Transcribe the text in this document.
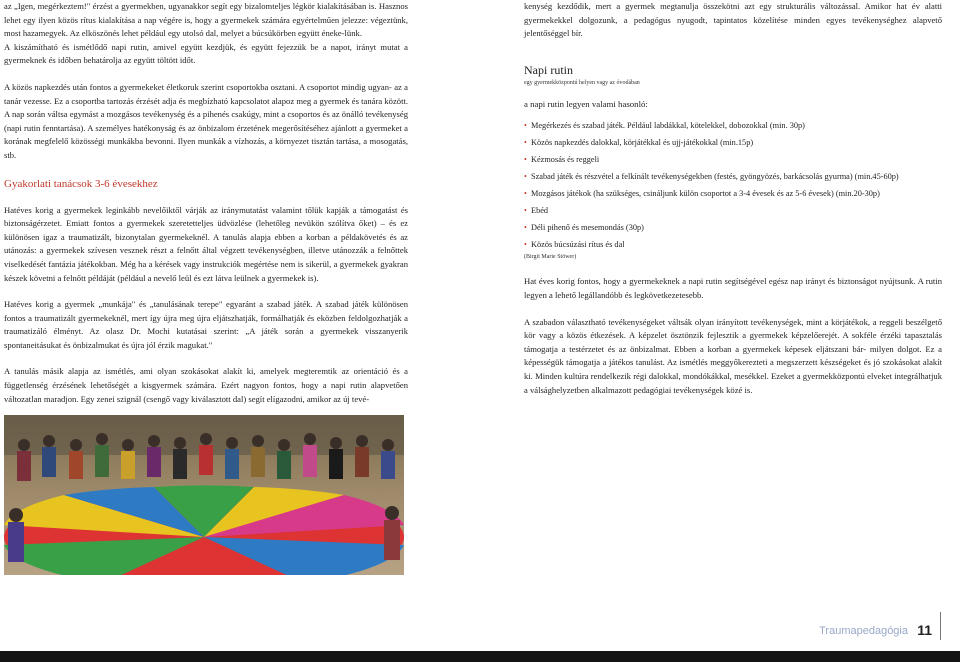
az „Igen, megérkeztem!" érzést a gyermekben, ugyanakkor segít egy bizalomteljes légkör kialakításában is. Hasznos lehet egy ilyen közös rítus kialakítása a nap végére is, hogy a gyermekek számára egyértelműen jelezze: végeztünk, most hazamegyek. Az elköszönés lehet például egy utolsó dal, melyet a búcsúkörben együtt éneke-lünk.

A kiszámítható és ismétlődő napi rutin, amivel együtt kezdjük, és együtt fejezzük be a napot, irányt mutat a gyermeknek és időben behatárolja az együtt töltött időt.

A közös napkezdés után fontos a gyermekeket életkoruk szerint csoportokba osztani. A csoportot mindig ugyan- az a tanár vezesse. Ez a csoportba tartozás érzését adja és megbízható kapcsolatot alapoz meg a gyermek és tanára között. A nap során váltsa egymást a mozgásos tevékenység és a pihenés csakúgy, mint a csoportos és az önálló tevékenység (napi rutin fenntartása). A személyes hatékonyság és az önbizalom érzetének megerősítéséhez ajánlott a gyermeket a korának megfelelő közösségi munkákba bevonni. Ilyen munkák a vízhozás, a környezet tisztán tartása, a mosogatás, stb.

Gyakorlati tanácsok 3-6 évesekhez

Hatéves korig a gyermekek leginkább nevelőiktől várják az iránymutatást valamint tőlük kapják a támogatást és biztonságérzetet. Emiatt fontos a gyermekek szeretetteljes üdvözlése (lehetőleg nevükön szólítva őket) – és ez különösen igaz a traumatizált, bizonytalan gyermekeknél. A tanulás alapja ebben a korban a példakövetés és az utánozás: a gyermekek szívesen vesznek részt a felnőtt által végzett tevékenységben, illetve utánozzák a felnőttek viselkedését fantázia játékokban. Még ha a kérések vagy instrukciók megértése nem is sikerül, a gyermekek gyakran készek követni a felnőtt példáját (például a nevelő leül és ezt látva leülnek a gyermekek is).

Hatéves korig a gyermek „munkája" és „tanulásának terepe" egyaránt a szabad játék. A szabad játék különösen fontos a traumatizált gyermekeknél, mert így újra meg újra eljátszhatják, formálhatják és eközben feldolgozhatják a traumatizáló élményt. Az olasz Dr. Mochi kutatásai szerint: „A játék során a gyermekek visszanyerik spontaneitásukat és önbizalmukat és újra jól érzik magukat."

A tanulás másik alapja az ismétlés, ami olyan szokásokat alakít ki, amelyek megteremtik az orientáció és a függetlenség érzésének lehetőségét a kisgyermek számára. Ezért nagyon fontos, hogy a napi rutin alapvetően változatlan maradjon. Egy zenei szignál (csengő vagy kiválasztott dal) segít elígazodni, amikor az új tevé-

kenység kezdődik, mert a gyermek megtanulja összekötni azt egy strukturális változással. Amikor hat év alatti gyermekekkel dolgozunk, a pedagógus nyugodt, tapintatos közelítése minden egyes tevékenységhez alapvető jelentőséggel bír.

Napi rutin
egy gyermekközpontú helyen vagy az óvodában

a napi rutin legyen valami hasonló:

• Megérkezés és szabad játék. Például labdákkal, kötelekkel, dobozokkal (min. 30p)
• Közös napkezdés dalokkal, körjátékkal és ujj-játékokkal (min.15p)
• Kézmosás és reggeli
• Szabad játék és részvétel a felkínált tevékenységekben (festés, gyöngyözés, barkácsolás gyurma) (min.45-60p)
• Mozgásos játékok (ha szükséges, csináljunk külön csoportot a 3-4 évesek és az 5-6 évesek) (min.20-30p)
• Ebéd
• Déli pihenő és mesemondás (30p)
• Közös búcsúzási rítus és dal
(Birgit Marie Stöwer)

Hat éves korig fontos, hogy a gyermekeknek a napi rutin segítségével egész nap irányt és biztonságot nyújtsunk. A rutin legyen a lehető legállandóbb és legkövetkezetesebb.

A szabadon választható tevékenységeket váltsák olyan irányított tevékenységek, mint a körjátékok, a reggeli beszélgető kör vagy a közös étkezések. A képzelet ösztönzik fejlesztik a gyermekek képzelőerejét. A sokféle érzéki tapasztalás támogatja a testérzetet és az önbizalmat. Ebben a korban a gyermekek képesek eljátszani bár- milyen dolgot. Ez a képességük támogatja a játékos tanulást. Az ismétlés meggyőkerezteti a megszerzett készségeket és jó szokásokat alakít ki. Minden kultúra rendelkezik régi dalokkal, mondókákkal, mesékkel. Ezeket a gyermekközpontú elveket integrálhatjuk a válsághelyzetben alkalmazott pedagógiai tevékenységek közé is.

Traumapedagógia 11
